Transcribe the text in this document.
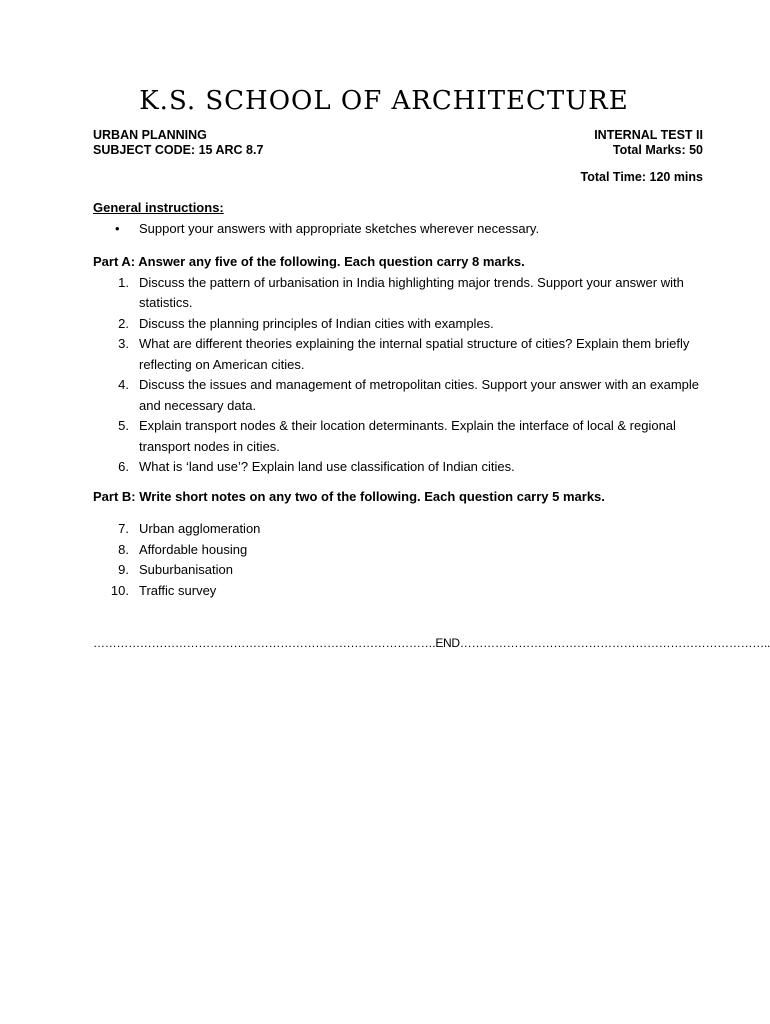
K.S. SCHOOL OF ARCHITECTURE
URBAN PLANNING
SUBJECT CODE: 15 ARC 8.7
INTERNAL TEST II
Total Marks: 50
Total Time: 120 mins
General instructions:
• Support your answers with appropriate sketches wherever necessary.
Part A: Answer any five of the following. Each question carry 8 marks.
1. Discuss the pattern of urbanisation in India highlighting major trends. Support your answer with statistics.
2. Discuss the planning principles of Indian cities with examples.
3. What are different theories explaining the internal spatial structure of cities? Explain them briefly reflecting on American cities.
4. Discuss the issues and management of metropolitan cities. Support your answer with an example and necessary data.
5. Explain transport nodes & their location determinants. Explain the interface of local & regional transport nodes in cities.
6. What is ‘land use’? Explain land use classification of Indian cities.
Part B: Write short notes on any two of the following. Each question carry 5 marks.
7. Urban agglomeration
8. Affordable housing
9. Suburbanisation
10. Traffic survey
…………………………………………………………………………….END……………………………………………………………………..
